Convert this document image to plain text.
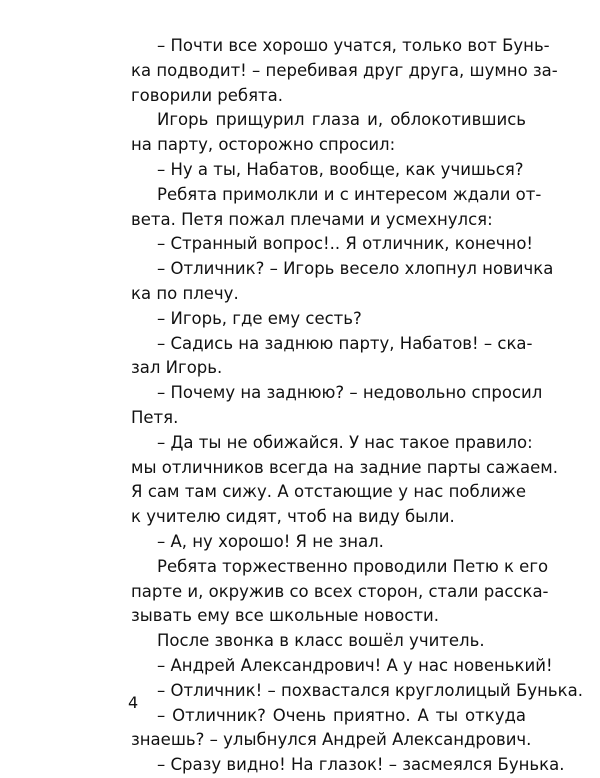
– Почти все хорошо учатся, только вот Бунь-
ка подводит! – перебивая друг друга, шумно за-
говорили ребята.
Игорь прищурил глаза и, облокотившись
на парту, осторожно спросил:
– Ну а ты, Набатов, вообще, как учишься?
Ребята примолкли и с интересом ждали от-
вета. Петя пожал плечами и усмехнулся:
– Странный вопрос!.. Я отличник, конечно!
– Отличник? – Игорь весело хлопнул новичка
ка по плечу.
– Игорь, где ему сесть?
– Садись на заднюю парту, Набатов! – ска-
зал Игорь.
– Почему на заднюю? – недовольно спросил
Петя.
– Да ты не обижайся. У нас такое правило:
мы отличников всегда на задние парты сажаем.
Я сам там сижу. А отстающие у нас поближе
к учителю сидят, чтоб на виду были.
– А, ну хорошо! Я не знал.
Ребята торжественно проводили Петю к его
парте и, окружив со всех сторон, стали расска-
зывать ему все школьные новости.
После звонка в класс вошёл учитель.
– Андрей Александрович! А у нас новенький!
– Отличник! – похвастался круглолицый Бунька.
– Отличник? Очень приятно. А ты откуда
знаешь? – улыбнулся Андрей Александрович.
– Сразу видно! На глазок! – засмеялся Бунька.
4
